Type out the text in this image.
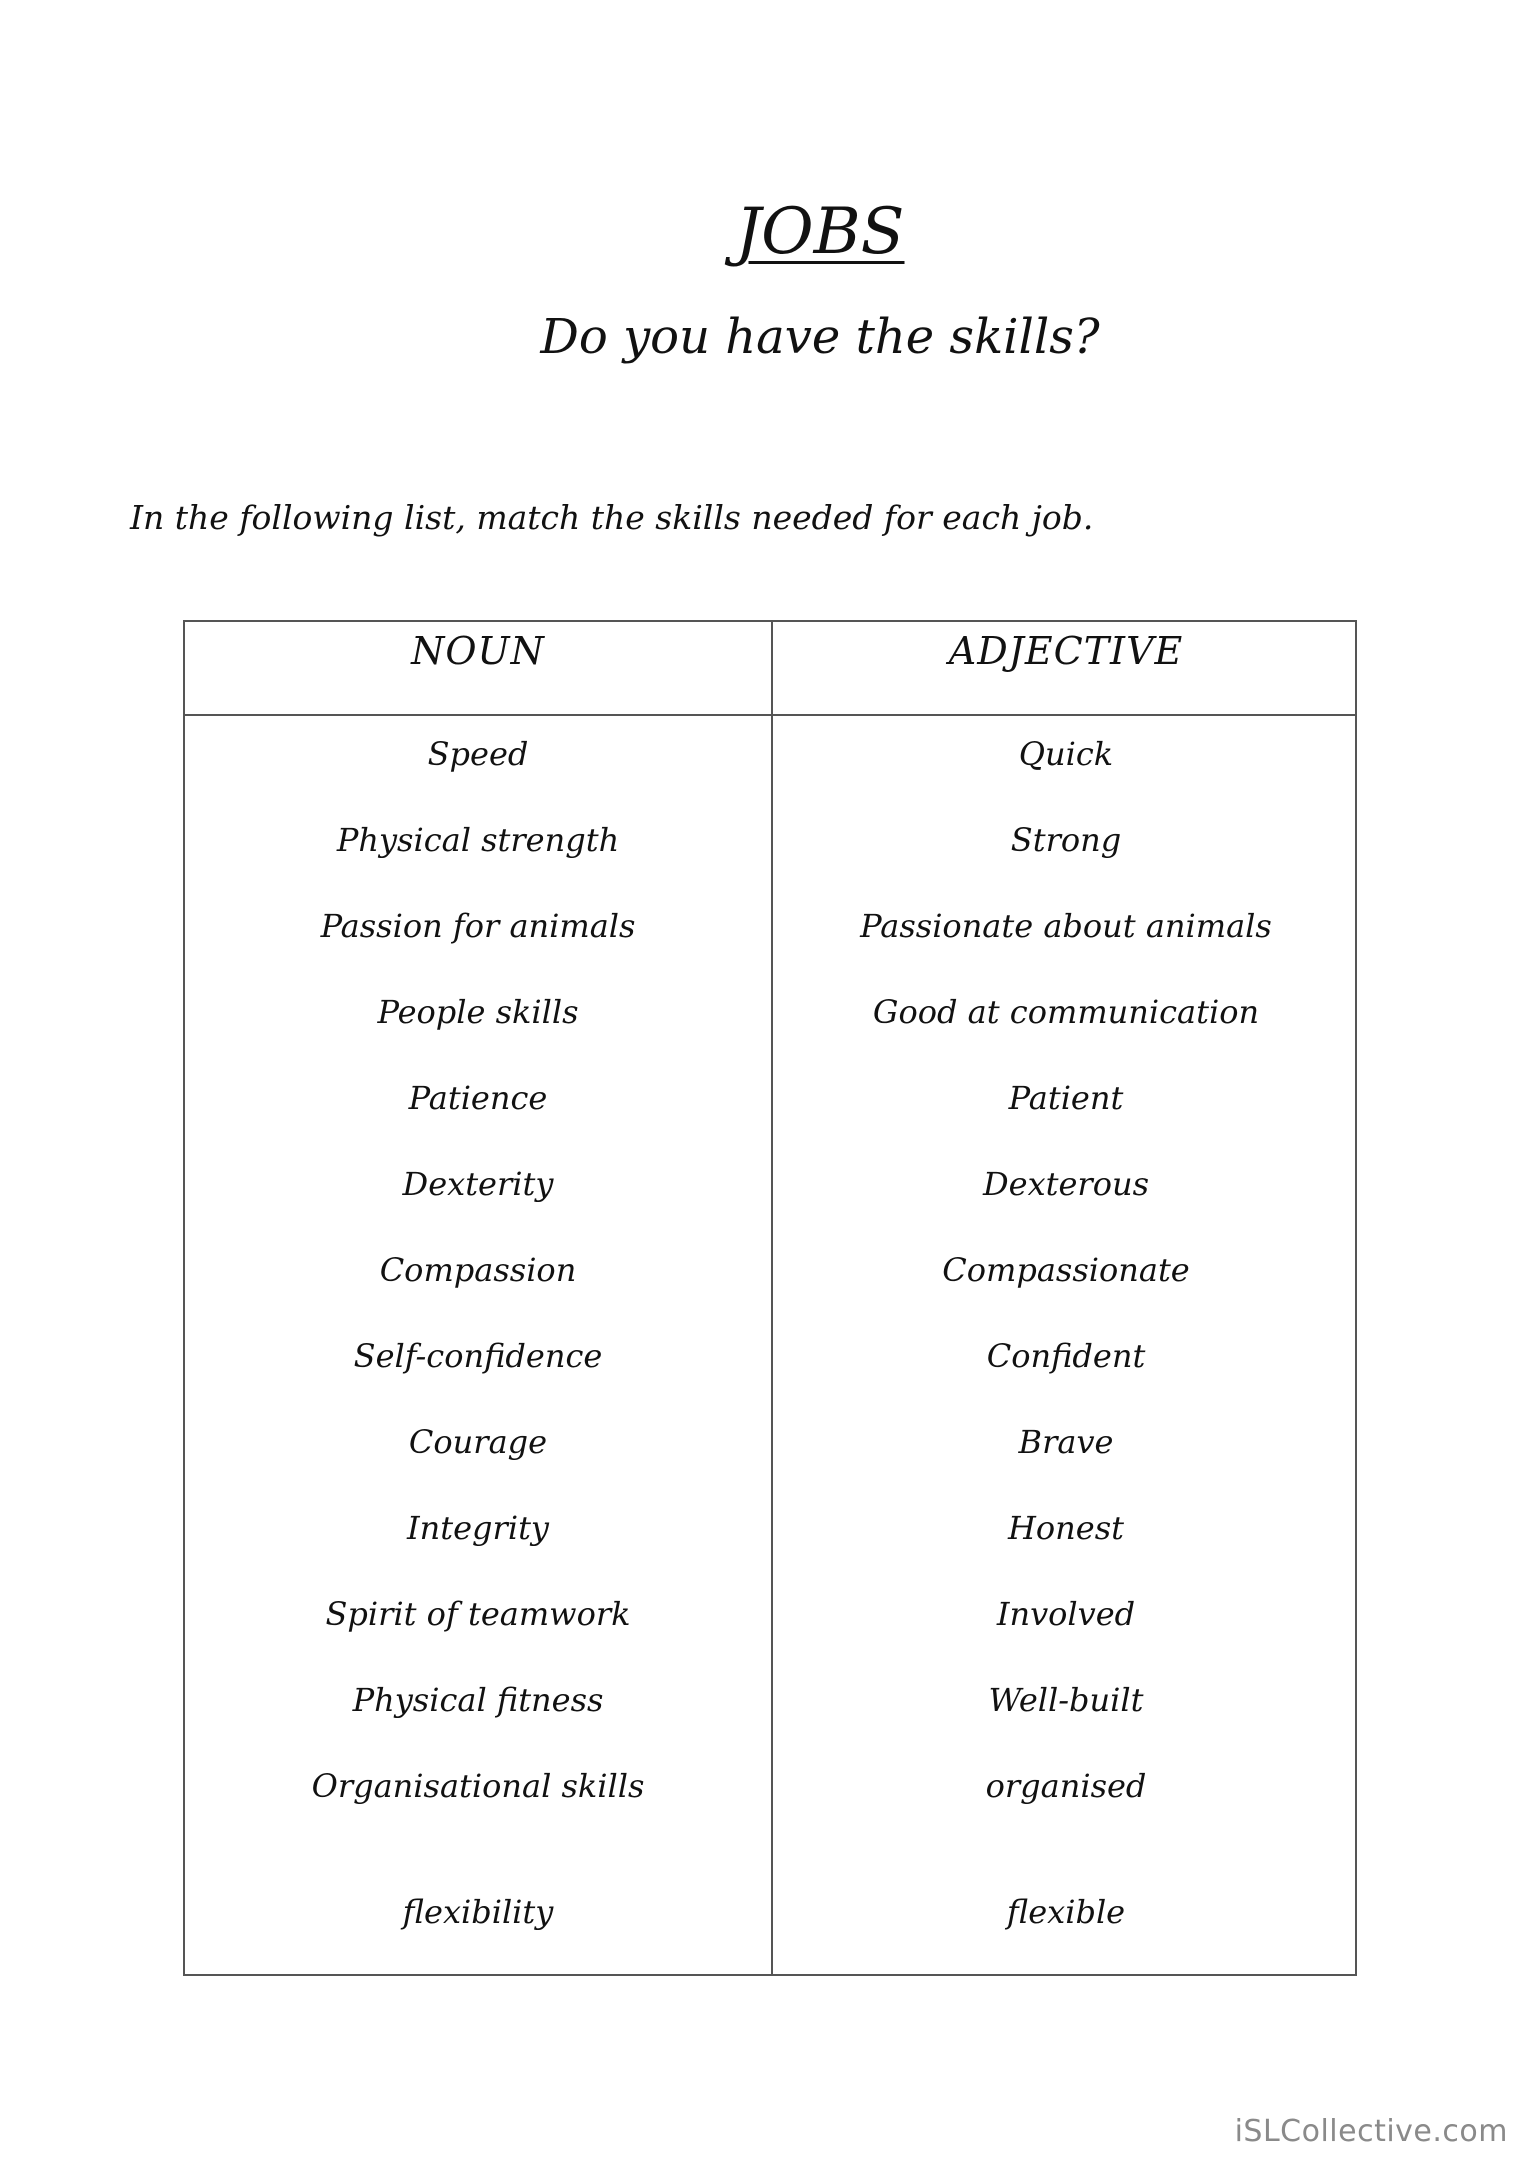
JOBS
Do you have the skills?
In the following list, match the skills needed for each job.
NOUN	ADJECTIVE
Speed
Physical strength
Passion for animals
People skills
Patience
Dexterity
Compassion
Self-confidence
Courage
Integrity
Spirit of teamwork
Physical fitness
Organisational skills
flexibility
Quick
Strong
Passionate about animals
Good at communication
Patient
Dexterous
Compassionate
Confident
Brave
Honest
Involved
Well-built
organised
flexible
iSLCollective.com
